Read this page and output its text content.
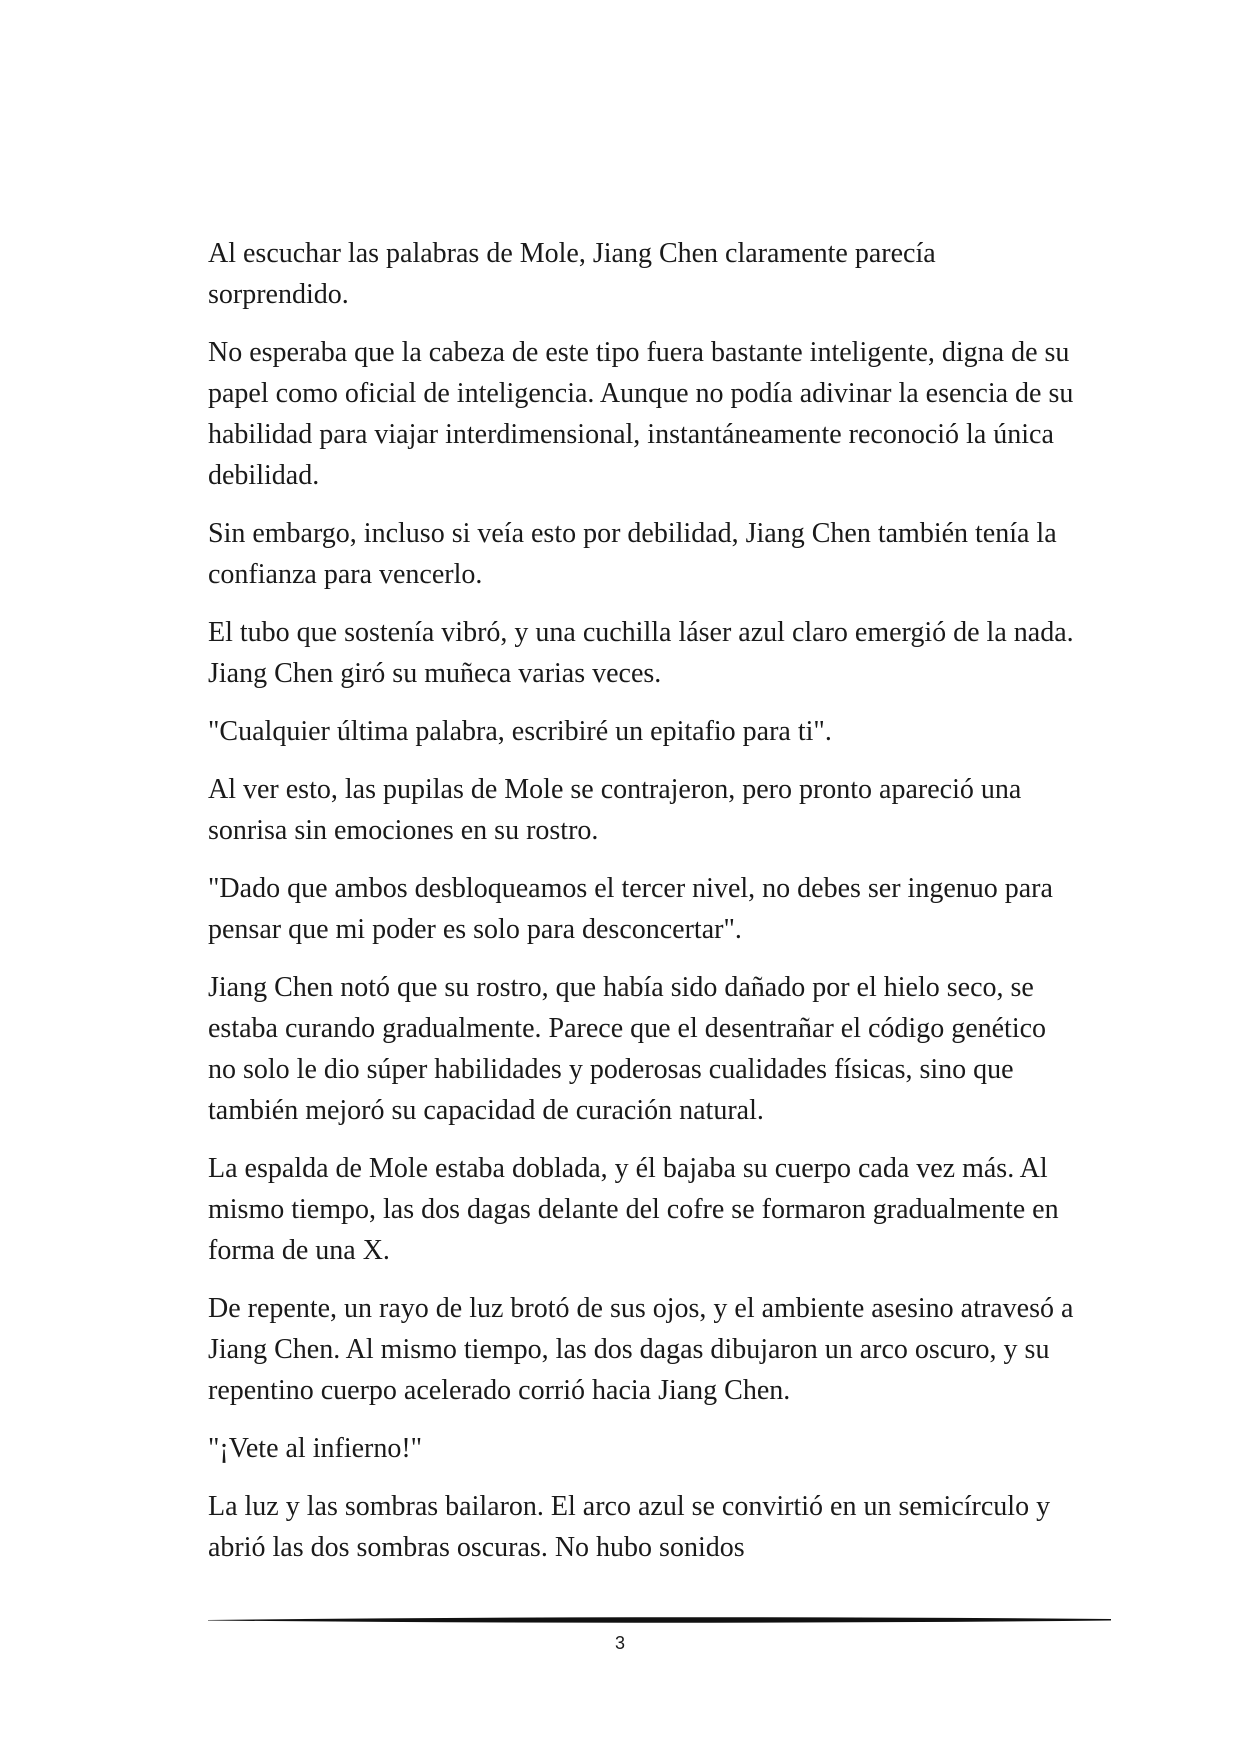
Al escuchar las palabras de Mole, Jiang Chen claramente parecía sorprendido.

No esperaba que la cabeza de este tipo fuera bastante inteligente, digna de su papel como oficial de inteligencia. Aunque no podía adivinar la esencia de su habilidad para viajar interdimensional, instantáneamente reconoció la única debilidad.

Sin embargo, incluso si veía esto por debilidad, Jiang Chen también tenía la confianza para vencerlo.

El tubo que sostenía vibró, y una cuchilla láser azul claro emergió de la nada. Jiang Chen giró su muñeca varias veces.

"Cualquier última palabra, escribiré un epitafio para ti".

Al ver esto, las pupilas de Mole se contrajeron, pero pronto apareció una sonrisa sin emociones en su rostro.

"Dado que ambos desbloqueamos el tercer nivel, no debes ser ingenuo para pensar que mi poder es solo para desconcertar".

Jiang Chen notó que su rostro, que había sido dañado por el hielo seco, se estaba curando gradualmente. Parece que el desentrañar el código genético no solo le dio súper habilidades y poderosas cualidades físicas, sino que también mejoró su capacidad de curación natural.

La espalda de Mole estaba doblada, y él bajaba su cuerpo cada vez más. Al mismo tiempo, las dos dagas delante del cofre se formaron gradualmente en forma de una X.

De repente, un rayo de luz brotó de sus ojos, y el ambiente asesino atravesó a Jiang Chen. Al mismo tiempo, las dos dagas dibujaron un arco oscuro, y su repentino cuerpo acelerado corrió hacia Jiang Chen.

"¡Vete al infierno!"

La luz y las sombras bailaron. El arco azul se convirtió en un semicírculo y abrió las dos sombras oscuras. No hubo sonidos

3
